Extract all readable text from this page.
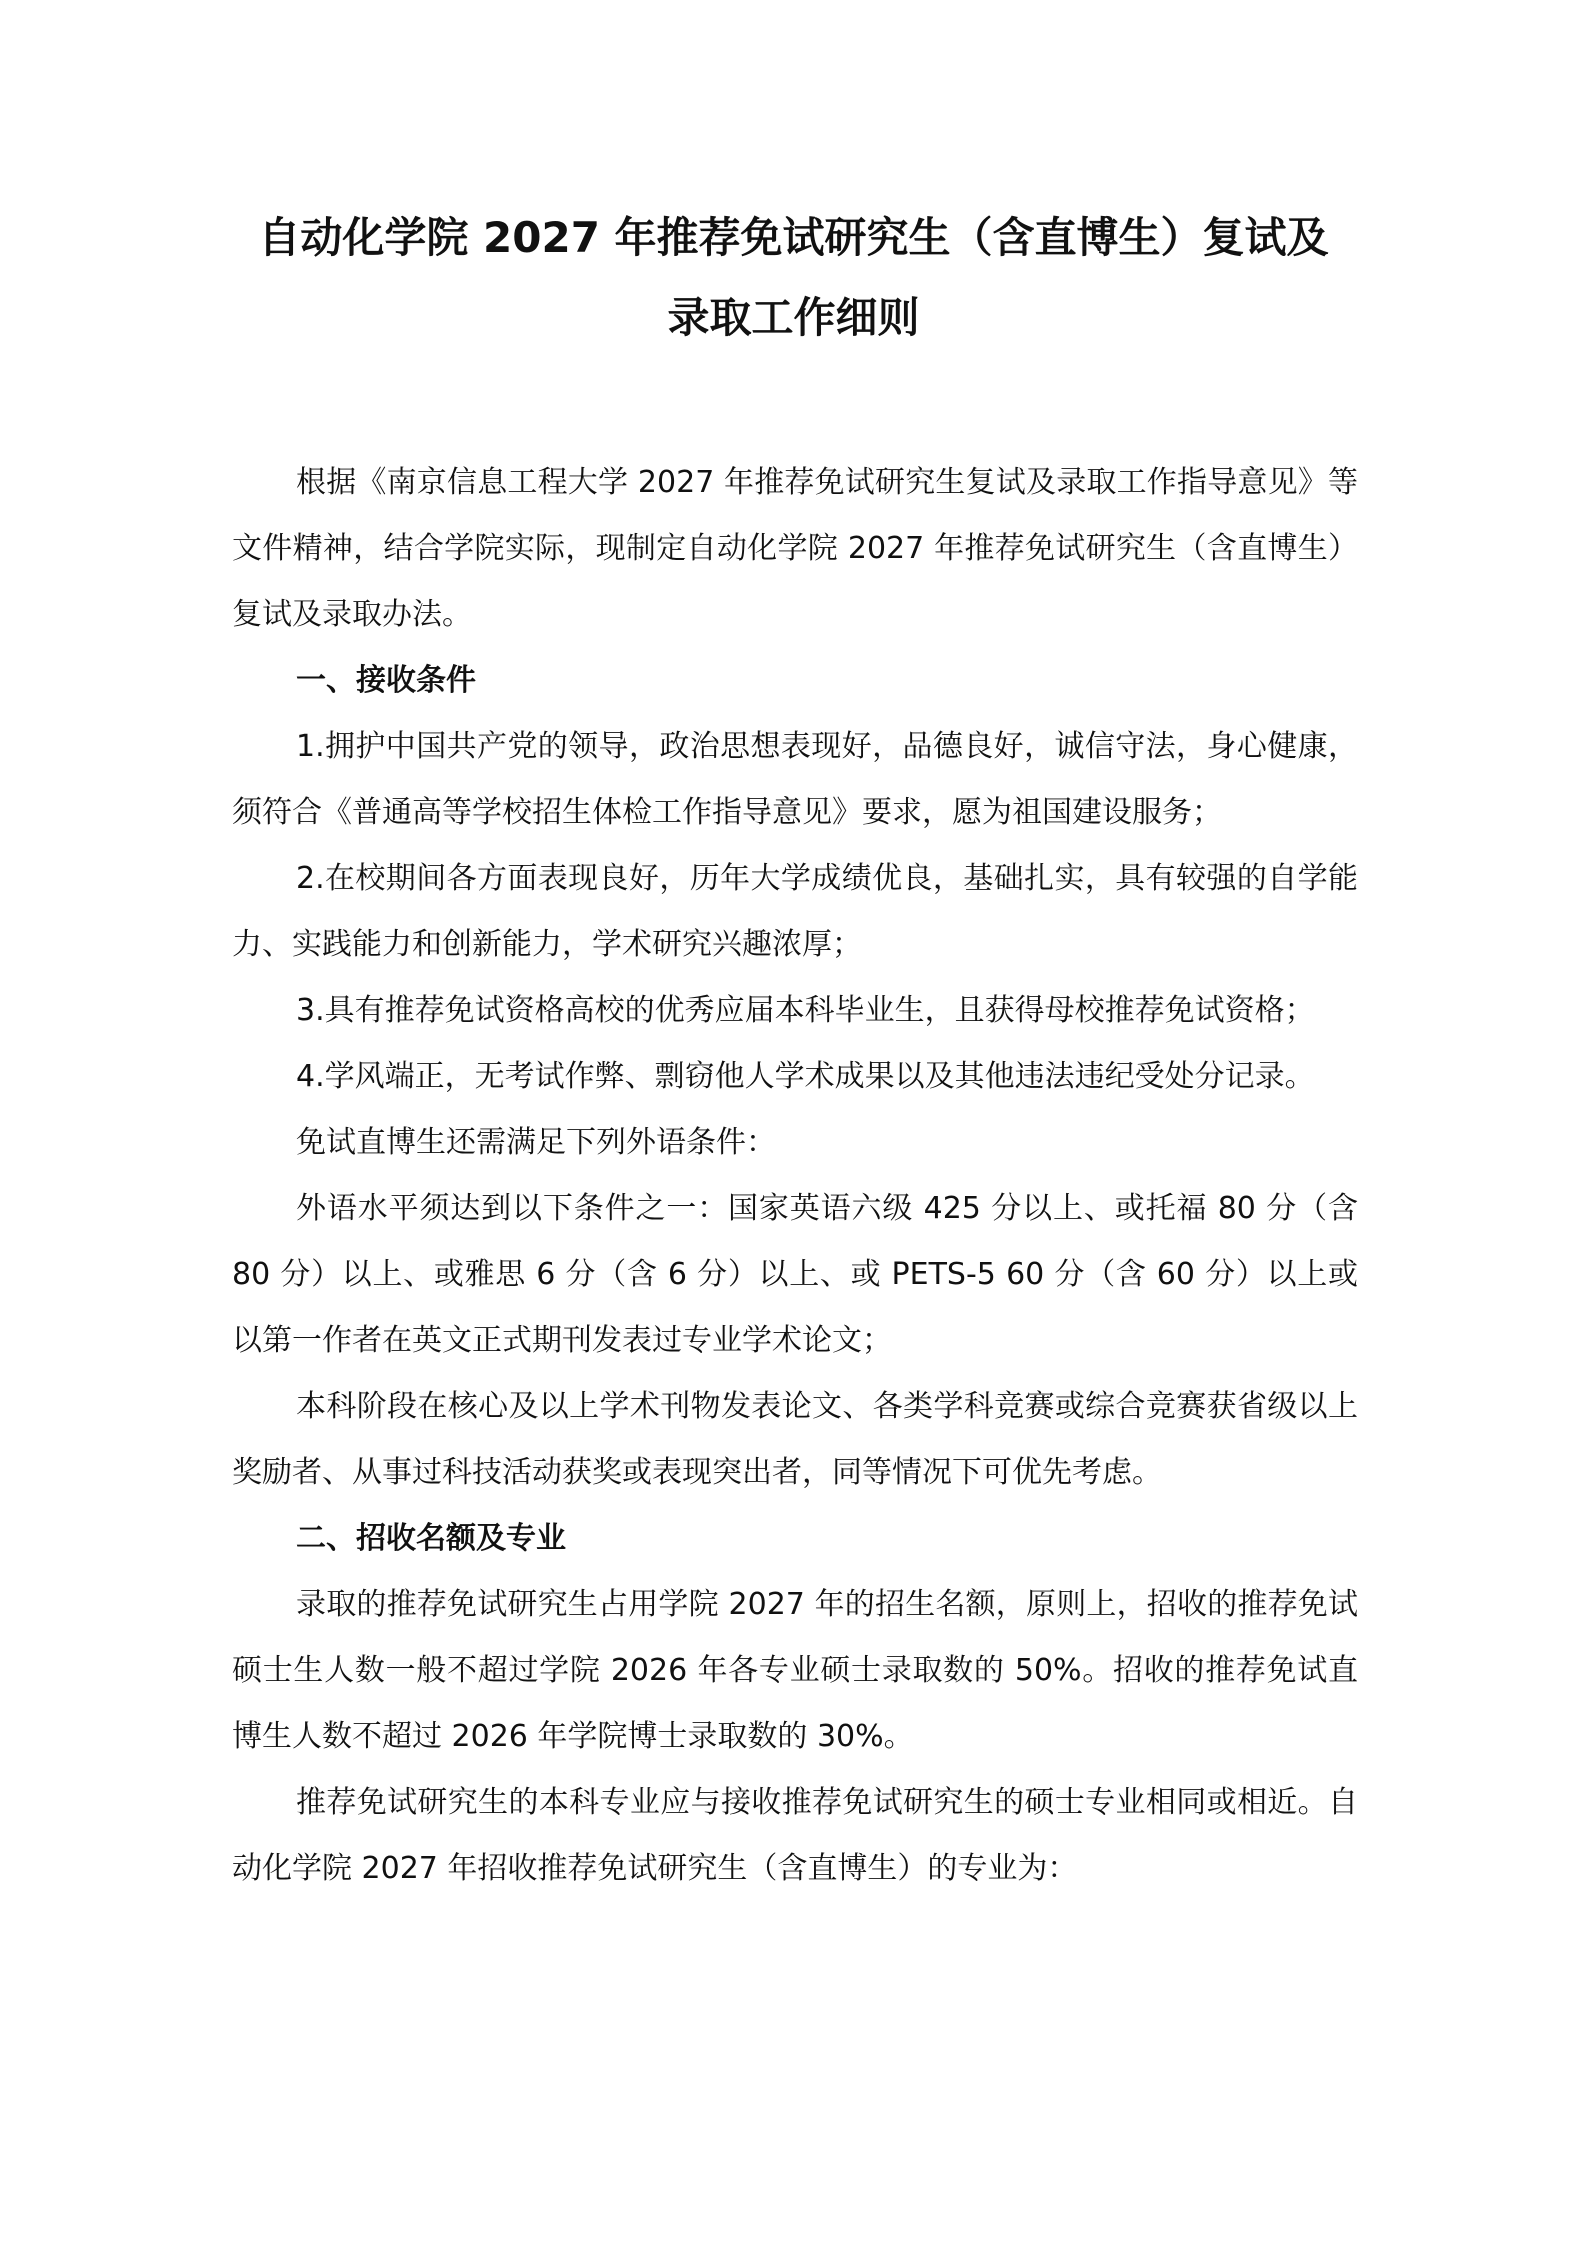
自动化学院 2027 年推荐免试研究生（含直博生）复试及
录取工作细则

根据《南京信息工程大学 2027 年推荐免试研究生复试及录取工作指导意见》等文件精神，结合学院实际，现制定自动化学院 2027 年推荐免试研究生（含直博生）复试及录取办法。

一、接收条件

1.拥护中国共产党的领导，政治思想表现好，品德良好，诚信守法，身心健康，须符合《普通高等学校招生体检工作指导意见》要求，愿为祖国建设服务；

2.在校期间各方面表现良好，历年大学成绩优良，基础扎实，具有较强的自学能力、实践能力和创新能力，学术研究兴趣浓厚；

3.具有推荐免试资格高校的优秀应届本科毕业生，且获得母校推荐免试资格；

4.学风端正，无考试作弊、剽窃他人学术成果以及其他违法违纪受处分记录。

免试直博生还需满足下列外语条件：

外语水平须达到以下条件之一：国家英语六级 425 分以上、或托福 80 分（含 80 分）以上、或雅思 6 分（含 6 分）以上、或 PETS-5 60 分（含 60 分）以上或以第一作者在英文正式期刊发表过专业学术论文；

本科阶段在核心及以上学术刊物发表论文、各类学科竞赛或综合竞赛获省级以上奖励者、从事过科技活动获奖或表现突出者，同等情况下可优先考虑。

二、招收名额及专业

录取的推荐免试研究生占用学院 2027 年的招生名额，原则上，招收的推荐免试硕士生人数一般不超过学院 2026 年各专业硕士录取数的 50%。招收的推荐免试直博生人数不超过 2026 年学院博士录取数的 30%。

推荐免试研究生的本科专业应与接收推荐免试研究生的硕士专业相同或相近。自动化学院 2027 年招收推荐免试研究生（含直博生）的专业为：
